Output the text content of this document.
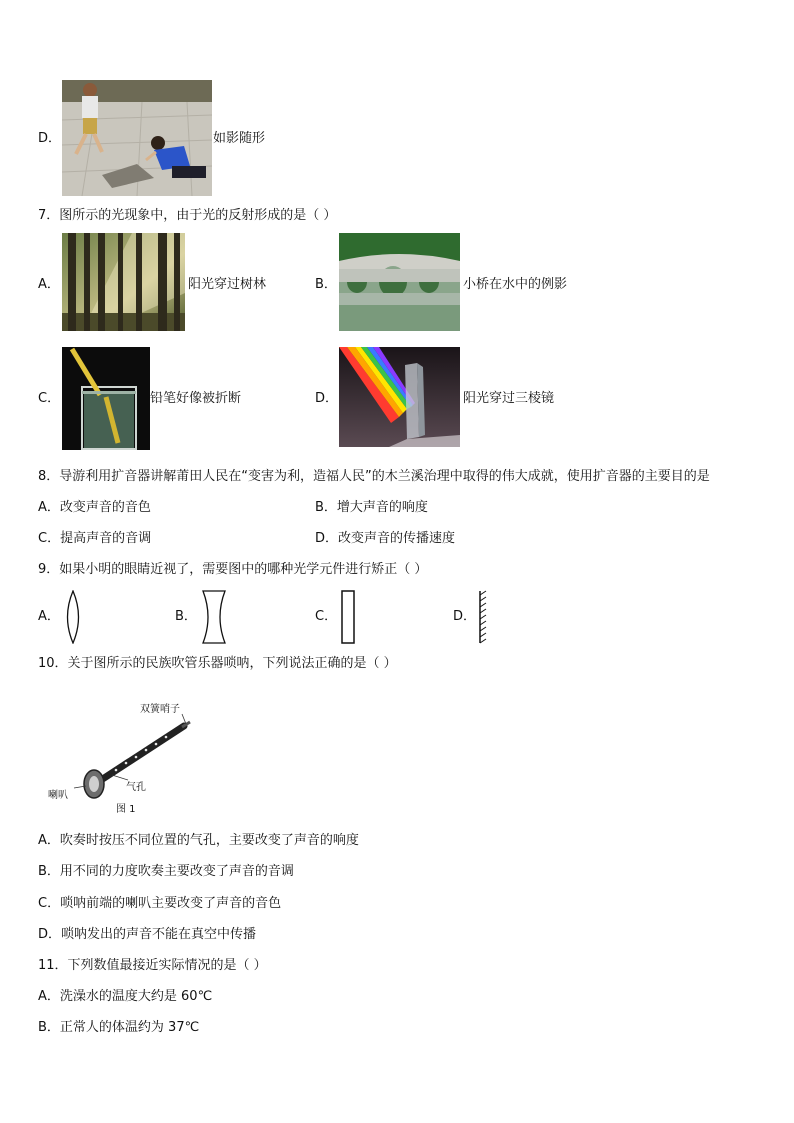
D．	如影随形
7．图所示的光现象中，由于光的反射形成的是（ ）
A．	阳光穿过树林	B．	小桥在水中的例影
C．	铅笔好像被折断	D．	阳光穿过三棱镜
8．导游利用扩音器讲解莆田人民在“变害为利，造福人民”的木兰溪治理中取得的伟大成就，使用扩音器的主要目的是
A．改变声音的音色	B．增大声音的响度
C．提高声音的音调	D．改变声音的传播速度
9．如果小明的眼睛近视了，需要图中的哪种光学元件进行矫正（ ）
A．	B．	C．	D．
10．关于图所示的民族吹管乐器唢呐，下列说法正确的是（ ）
双簧哨子
气孔
喇叭
图 1
A．吹奏时按压不同位置的气孔，主要改变了声音的响度
B．用不同的力度吹奏主要改变了声音的音调
C．唢呐前端的喇叭主要改变了声音的音色
D．唢呐发出的声音不能在真空中传播
11．下列数值最接近实际情况的是（ ）
A．洗澡水的温度大约是 60℃
B．正常人的体温约为 37℃
